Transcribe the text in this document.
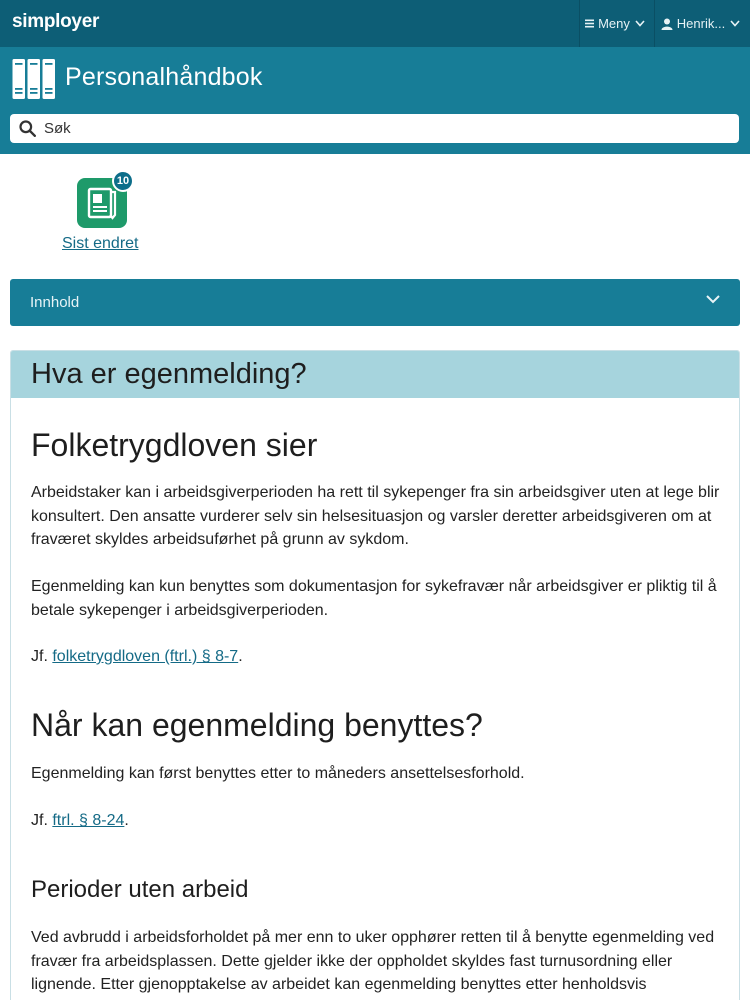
simployer	Meny	Henrik...
Personalhåndbok
Søk
10
Sist endret
Innhold
Hva er egenmelding?
Folketrygdloven sier

Arbeidstaker kan i arbeidsgiverperioden ha rett til sykepenger fra sin arbeidsgiver uten at lege blir konsultert. Den ansatte vurderer selv sin helsesituasjon og varsler deretter arbeidsgiveren om at fraværet skyldes arbeidsuførhet på grunn av sykdom.

Egenmelding kan kun benyttes som dokumentasjon for sykefravær når arbeidsgiver er pliktig til å betale sykepenger i arbeidsgiverperioden.

Jf. folketrygdloven (ftrl.) § 8-7.

Når kan egenmelding benyttes?

Egenmelding kan først benyttes etter to måneders ansettelsesforhold.

Jf. ftrl. § 8-24.

Perioder uten arbeid

Ved avbrudd i arbeidsforholdet på mer enn to uker opphører retten til å benytte egenmelding ved fravær fra arbeidsplassen. Dette gjelder ikke der oppholdet skyldes fast turnusordning eller lignende. Etter gjenopptakelse av arbeidet kan egenmelding benyttes etter henholdsvis
